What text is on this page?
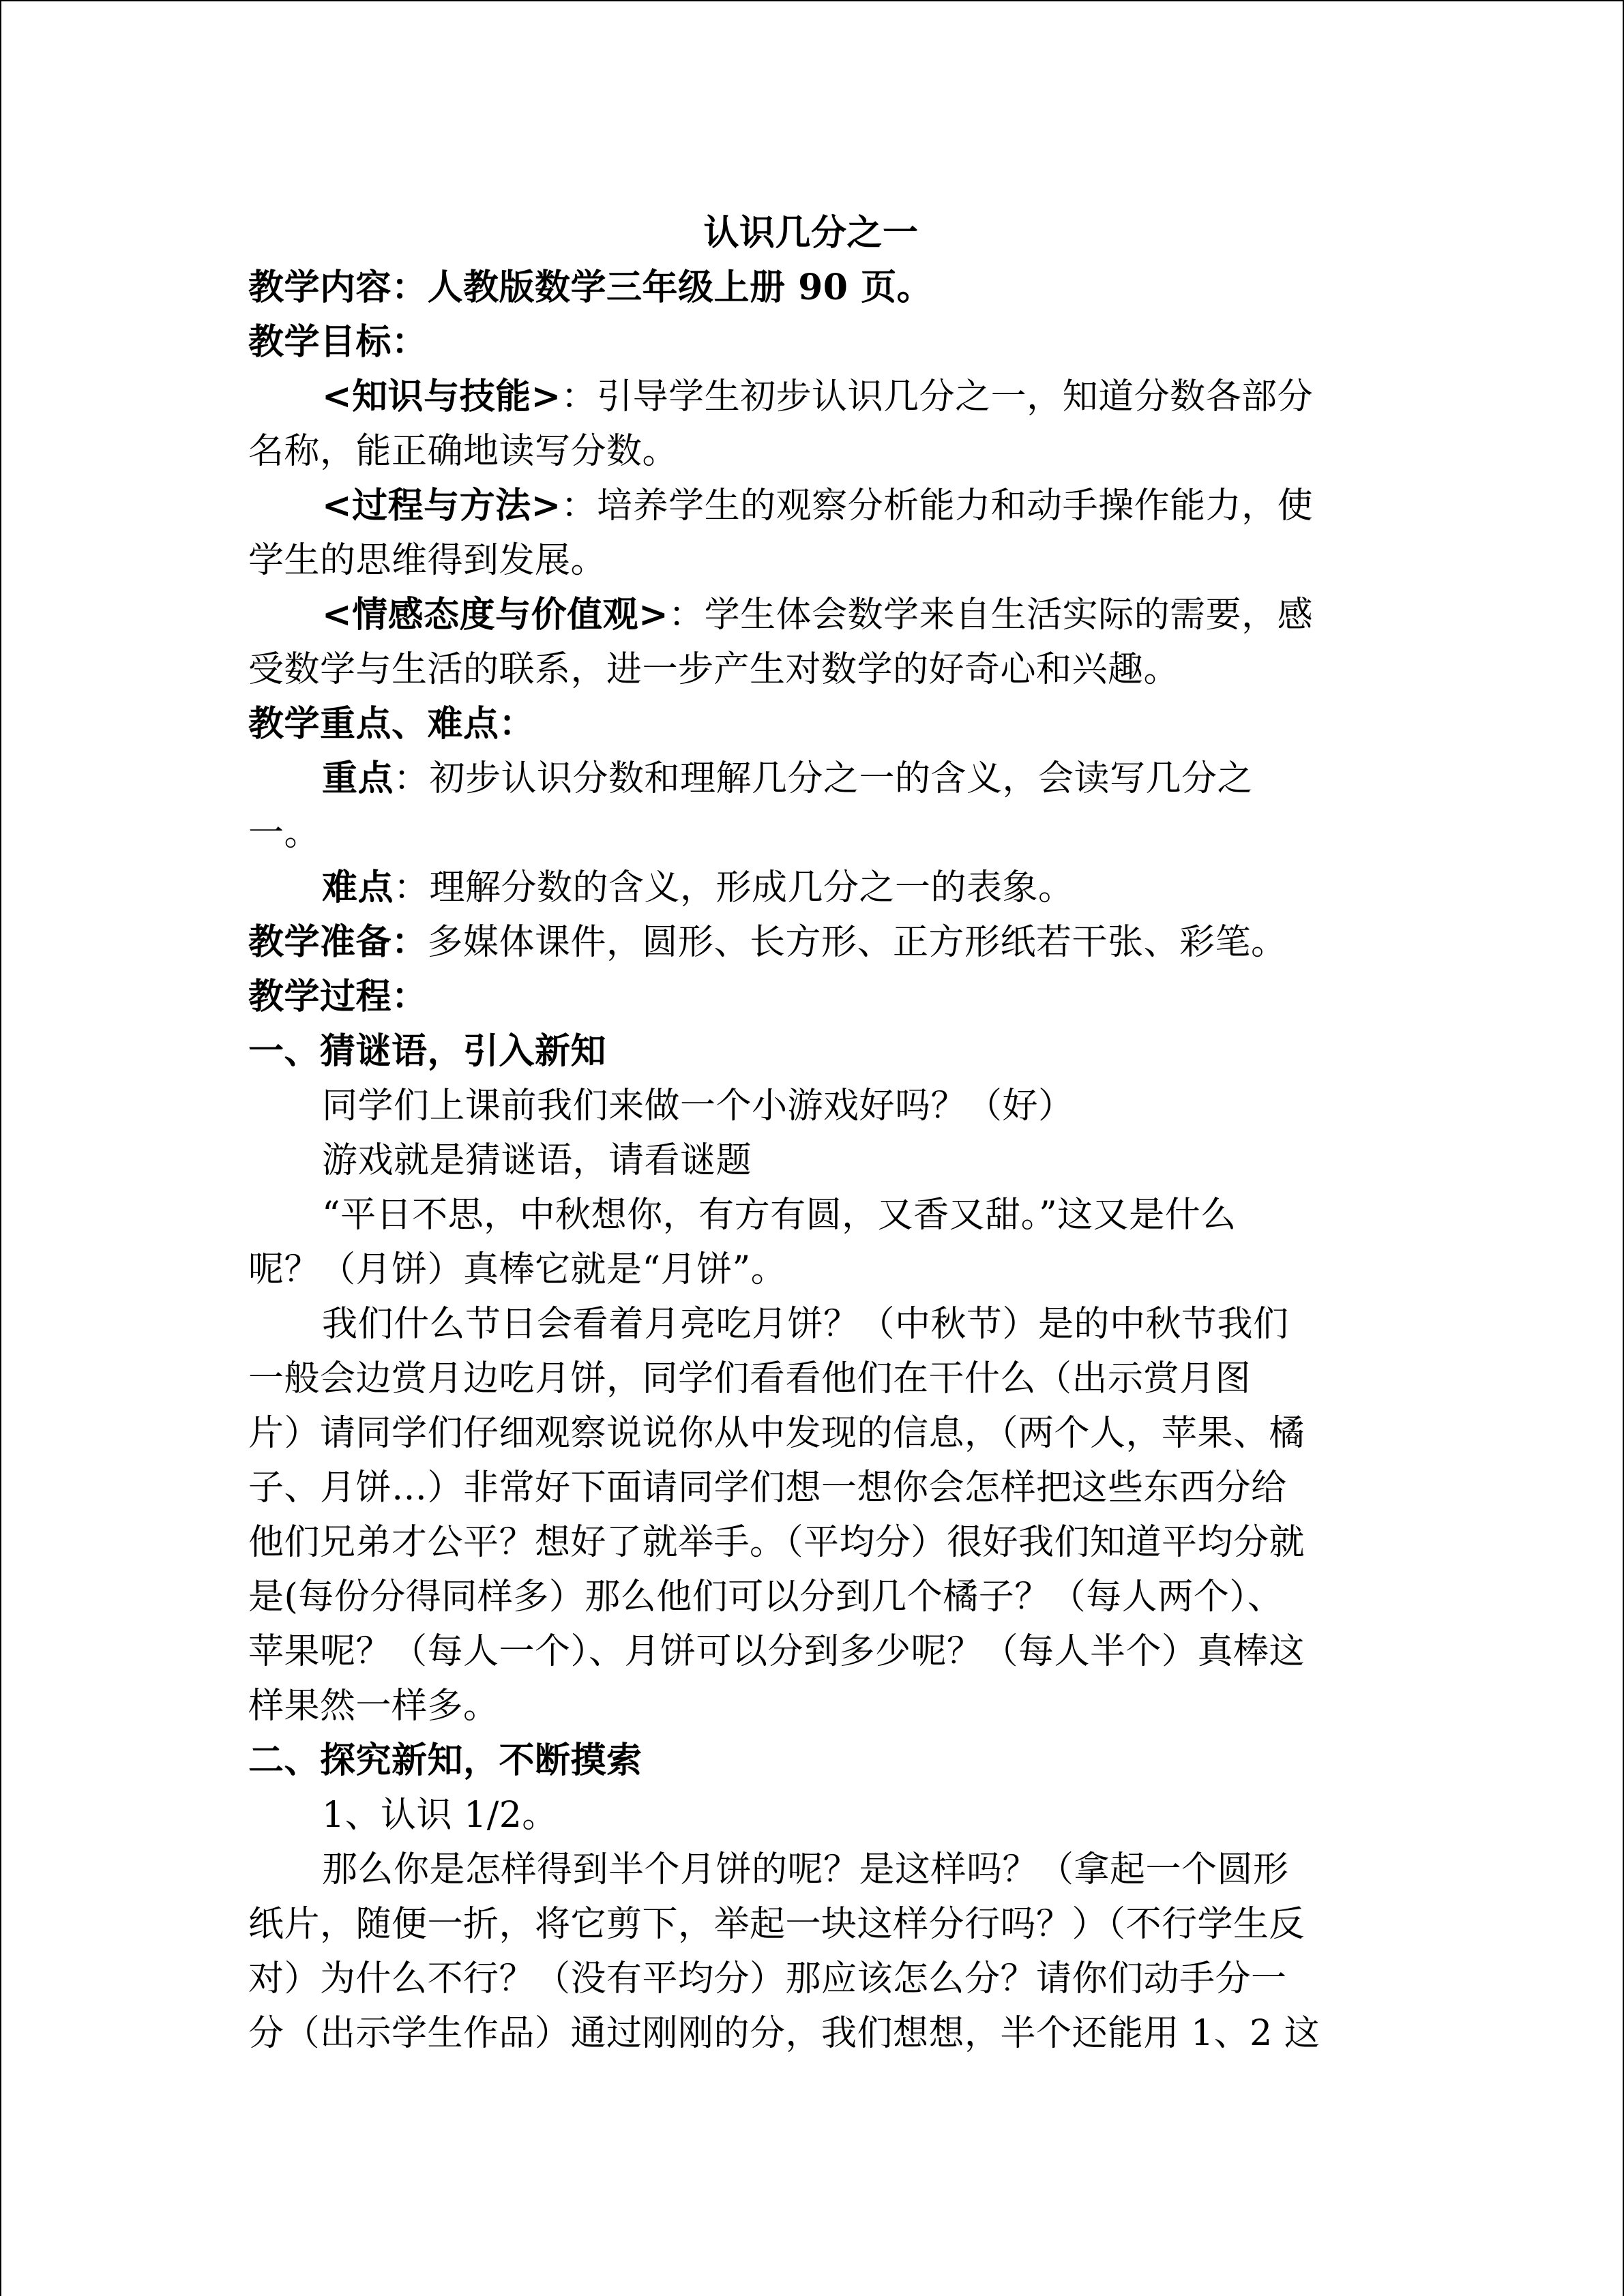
认识几分之一
教学内容：人教版数学三年级上册 90 页。
教学目标：
<知识与技能>：引导学生初步认识几分之一，知道分数各部分
名称，能正确地读写分数。
<过程与方法>：培养学生的观察分析能力和动手操作能力，使
学生的思维得到发展。
<情感态度与价值观>：学生体会数学来自生活实际的需要，感
受数学与生活的联系，进一步产生对数学的好奇心和兴趣。
教学重点、难点：
重点：初步认识分数和理解几分之一的含义，会读写几分之
一。
难点：理解分数的含义，形成几分之一的表象。
教学准备：多媒体课件，圆形、长方形、正方形纸若干张、彩笔。
教学过程：
一、猜谜语，引入新知
同学们上课前我们来做一个小游戏好吗？（好）
游戏就是猜谜语，请看谜题
“平日不思，中秋想你，有方有圆，又香又甜。”这又是什么
呢？（月饼）真棒它就是“月饼”。
我们什么节日会看着月亮吃月饼？（中秋节）是的中秋节我们
一般会边赏月边吃月饼，同学们看看他们在干什么（出示赏月图
片）请同学们仔细观察说说你从中发现的信息，（两个人，苹果、橘
子、月饼…）非常好下面请同学们想一想你会怎样把这些东西分给
他们兄弟才公平？想好了就举手。（平均分）很好我们知道平均分就
是(每份分得同样多）那么他们可以分到几个橘子？（每人两个）、
苹果呢？（每人一个）、月饼可以分到多少呢？（每人半个）真棒这
样果然一样多。
二、探究新知，不断摸索
1、认识 1/2。
那么你是怎样得到半个月饼的呢？是这样吗？（拿起一个圆形
纸片，随便一折，将它剪下，举起一块这样分行吗？）（不行学生反
对）为什么不行？（没有平均分）那应该怎么分？请你们动手分一
分（出示学生作品）通过刚刚的分，我们想想，半个还能用 1、2 这
